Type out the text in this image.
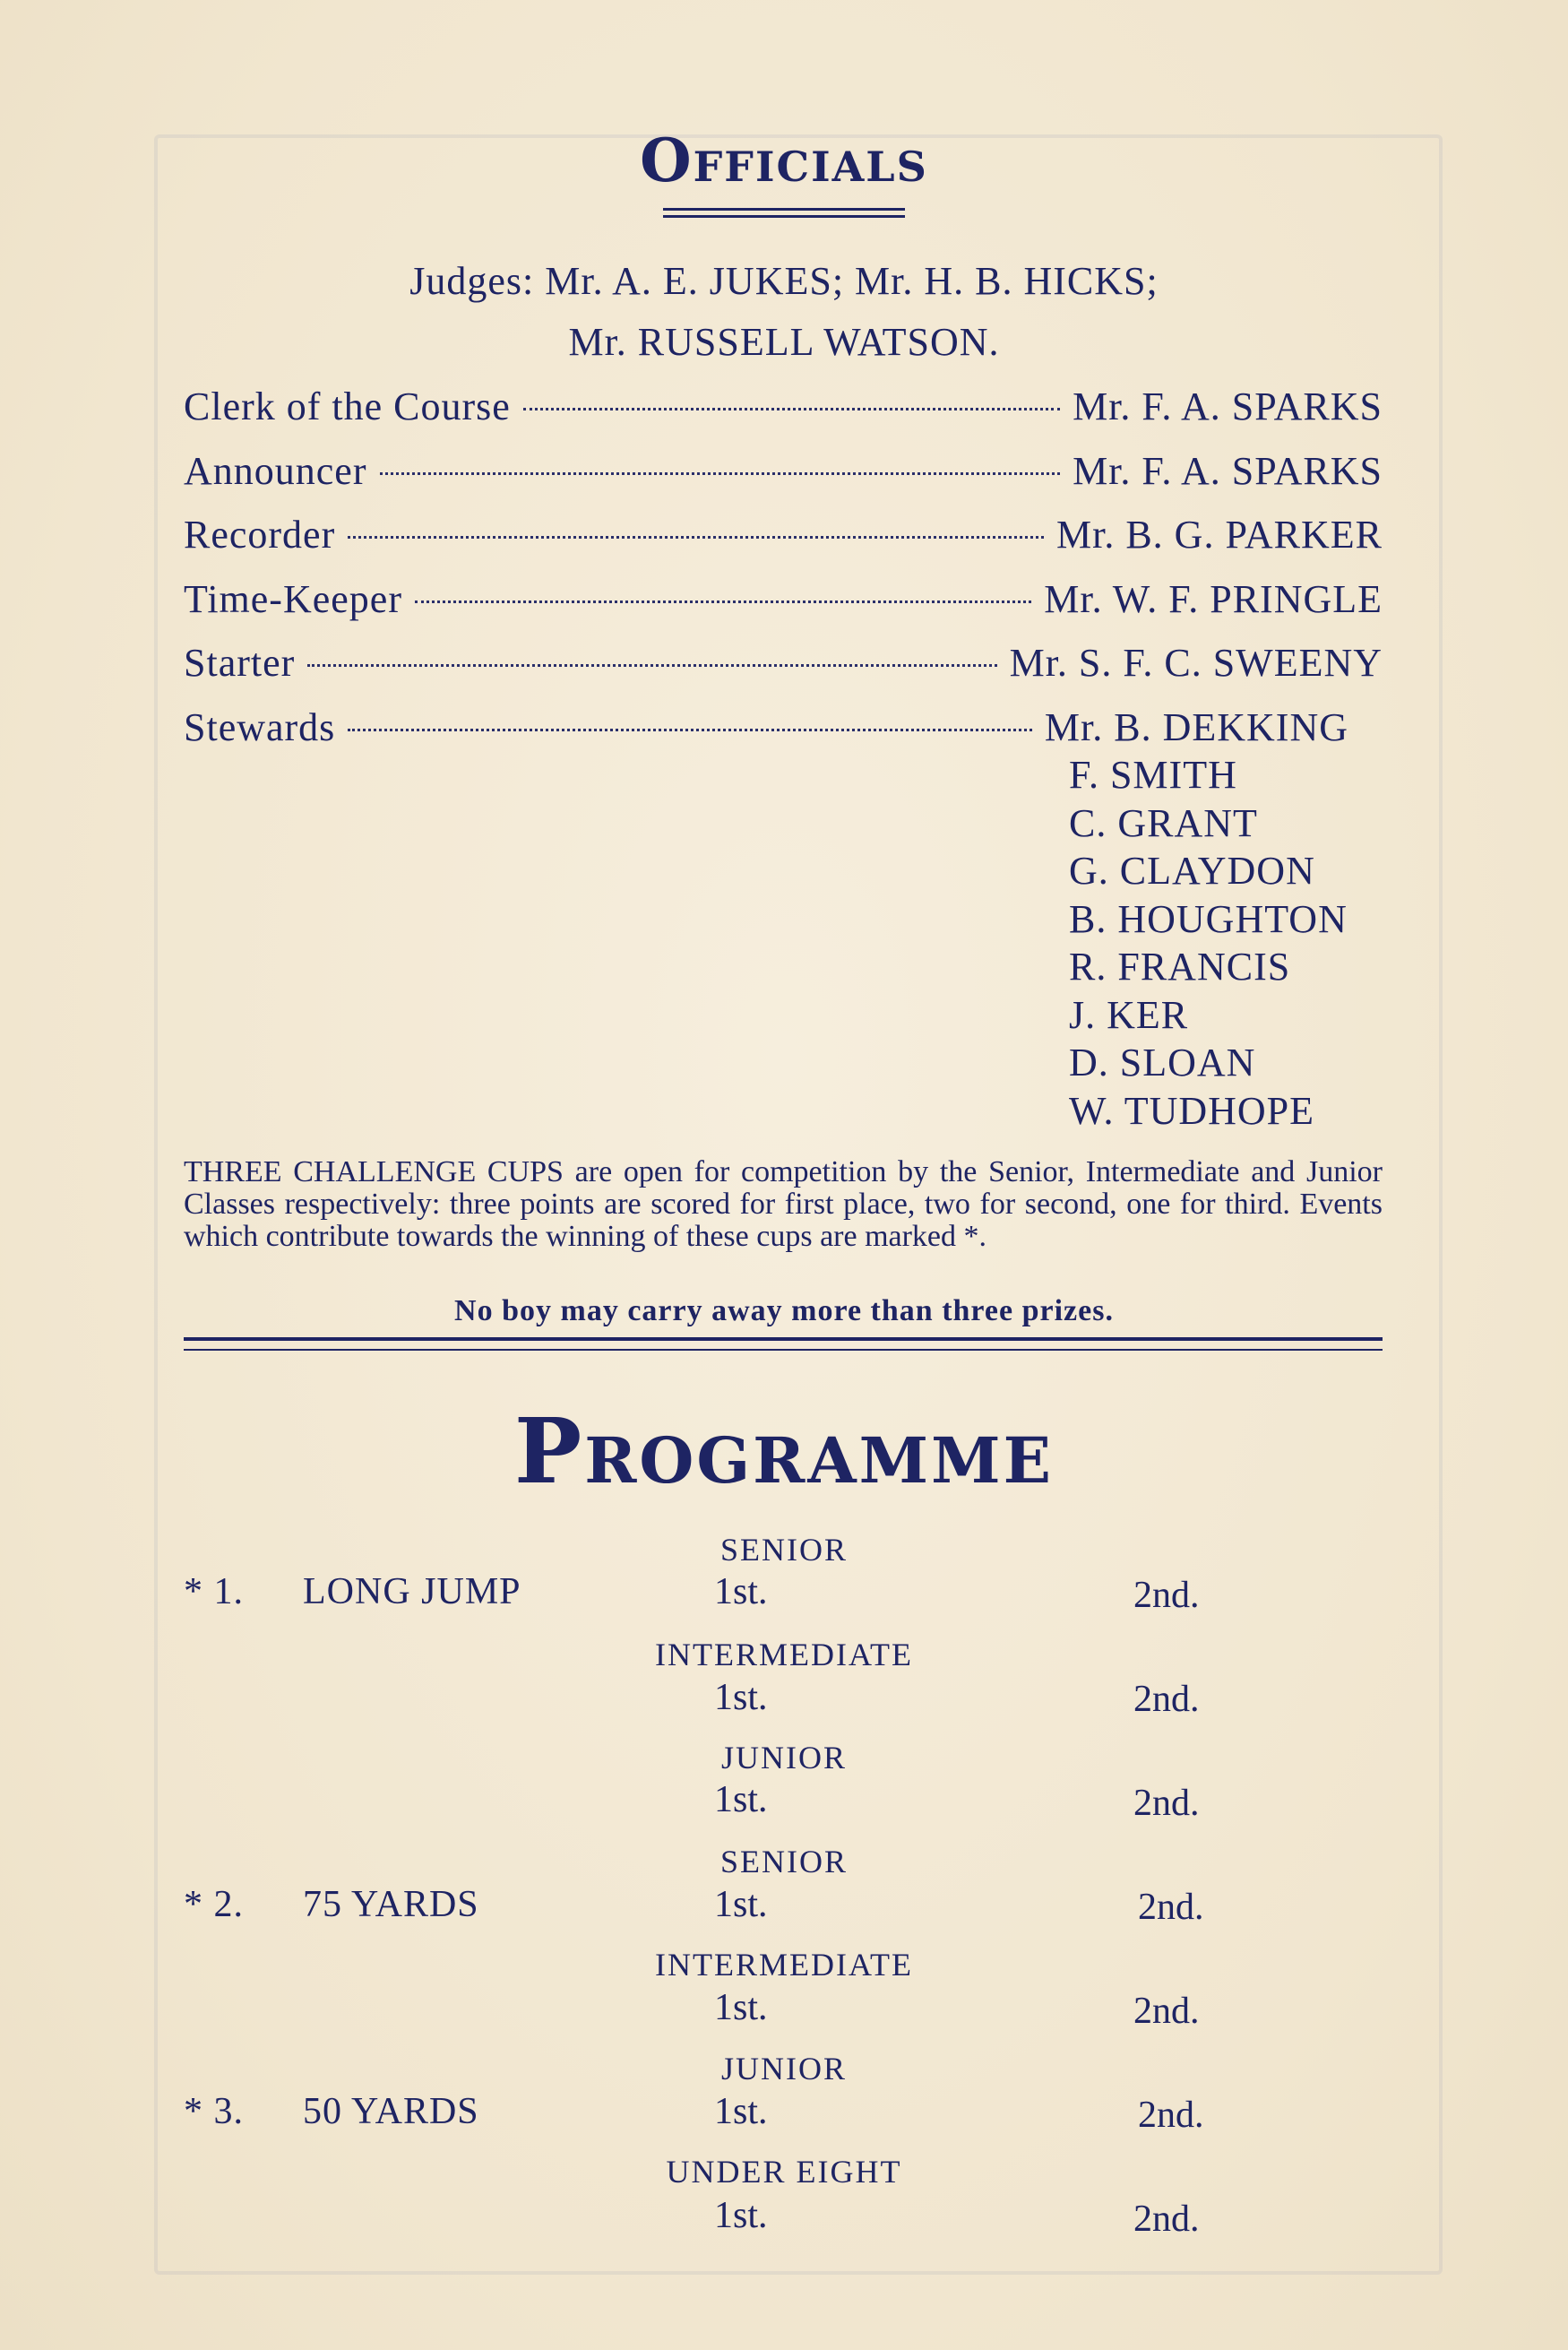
Officials
Judges: Mr. A. E. JUKES; Mr. H. B. HICKS;
Mr. RUSSELL WATSON.
Clerk of the Course	Mr. F. A. SPARKS
Announcer	Mr. F. A. SPARKS
Recorder	Mr. B. G. PARKER
Time-Keeper	Mr. W. F. PRINGLE
Starter	Mr. S. F. C. SWEENY
Stewards	Mr. B. DEKKING
F. SMITH
C. GRANT
G. CLAYDON
B. HOUGHTON
R. FRANCIS
J. KER
D. SLOAN
W. TUDHOPE
THREE CHALLENGE CUPS are open for competition by the Senior, Intermediate and Junior Classes respectively: three points are scored for first place, two for second, one for third. Events which contribute towards the winning of these cups are marked *.
No boy may carry away more than three prizes.
Programme
SENIOR
* 1. LONG JUMP	1st.	2nd.
INTERMEDIATE
1st.	2nd.
JUNIOR
1st.	2nd.
SENIOR
* 2. 75 YARDS	1st.	2nd.
INTERMEDIATE
1st.	2nd.
JUNIOR
* 3. 50 YARDS	1st.	2nd.
UNDER EIGHT
1st.	2nd.
